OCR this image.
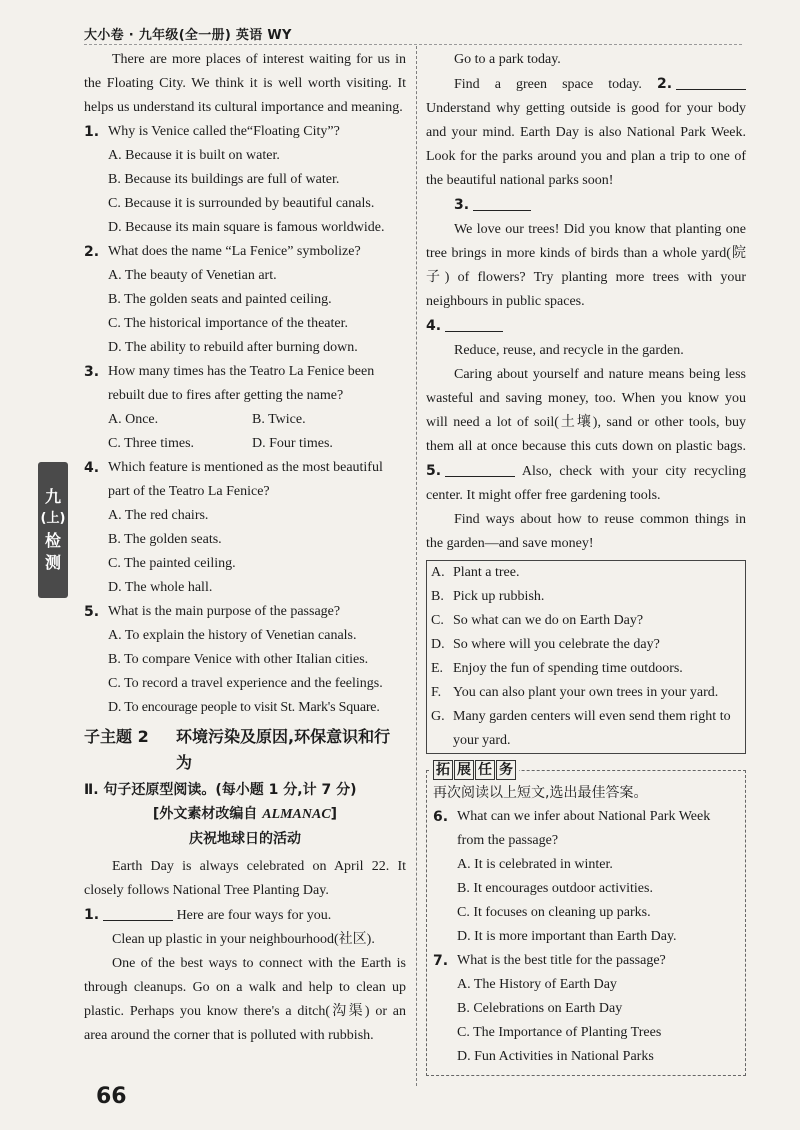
大小卷 · 九年级(全一册) 英语 WY
九
(上)
检
测

There are more places of interest waiting for us in the Floating City. We think it is well worth visiting. It helps us understand its cultural importance and meaning.

1. Why is Venice called the“Floating City”?
A. Because it is built on water.
B. Because its buildings are full of water.
C. Because it is surrounded by beautiful canals.
D. Because its main square is famous worldwide.
2. What does the name “La Fenice” symbolize?
A. The beauty of Venetian art.
B. The golden seats and painted ceiling.
C. The historical importance of the theater.
D. The ability to rebuild after burning down.
3. How many times has the Teatro La Fenice been rebuilt due to fires after getting the name?
A. Once.	B. Twice.
C. Three times.	D. Four times.
4. Which feature is mentioned as the most beautiful part of the Teatro La Fenice?
A. The red chairs.
B. The golden seats.
C. The painted ceiling.
D. The whole hall.
5. What is the main purpose of the passage?
A. To explain the history of Venetian canals.
B. To compare Venice with other Italian cities.
C. To record a travel experience and the feelings.
D. To encourage people to visit St. Mark's Square.
子主题 2	环境污染及原因,环保意识和行为
Ⅱ. 句子还原型阅读。(每小题 1 分,计 7 分)
[外文素材改编自 ALMANAC]
庆祝地球日的活动

Earth Day is always celebrated on April 22. It closely follows National Tree Planting Day.

1.	Here are four ways for you.

Clean up plastic in your neighbourhood(社区).

One of the best ways to connect with the Earth is through cleanups. Go on a walk and help to clean up plastic. Perhaps you know there's a ditch(沟渠) or an area around the corner that is polluted with rubbish.

Go to a park today.

Find a green space today. 2. Understand why getting outside is good for your body and your mind. Earth Day is also National Park Week. Look for the parks around you and plan a trip to one of the beautiful national parks soon!

3.

We love our trees! Did you know that planting one tree brings in more kinds of birds than a whole yard(院子) of flowers? Try planting more trees with your neighbours in public spaces.

4.

Reduce, reuse, and recycle in the garden.

Caring about yourself and nature means being less wasteful and saving money, too. When you know you will need a lot of soil(土壤), sand or other tools, buy them all at once because this cuts down on plastic bags. 5.	Also, check with your city recycling center. It might offer free gardening tools.

Find ways about how to reuse common things in the garden—and save money!

A. Plant a tree.
B. Pick up rubbish.
C. So what can we do on Earth Day?
D. So where will you celebrate the day?
E. Enjoy the fun of spending time outdoors.
F. You can also plant your own trees in your yard.
G. Many garden centers will even send them right to your yard.
拓 展 任 务
再次阅读以上短文,选出最佳答案。
6. What can we infer about National Park Week from the passage?
A. It is celebrated in winter.
B. It encourages outdoor activities.
C. It focuses on cleaning up parks.
D. It is more important than Earth Day.
7. What is the best title for the passage?
A. The History of Earth Day
B. Celebrations on Earth Day
C. The Importance of Planting Trees
D. Fun Activities in National Parks
66
